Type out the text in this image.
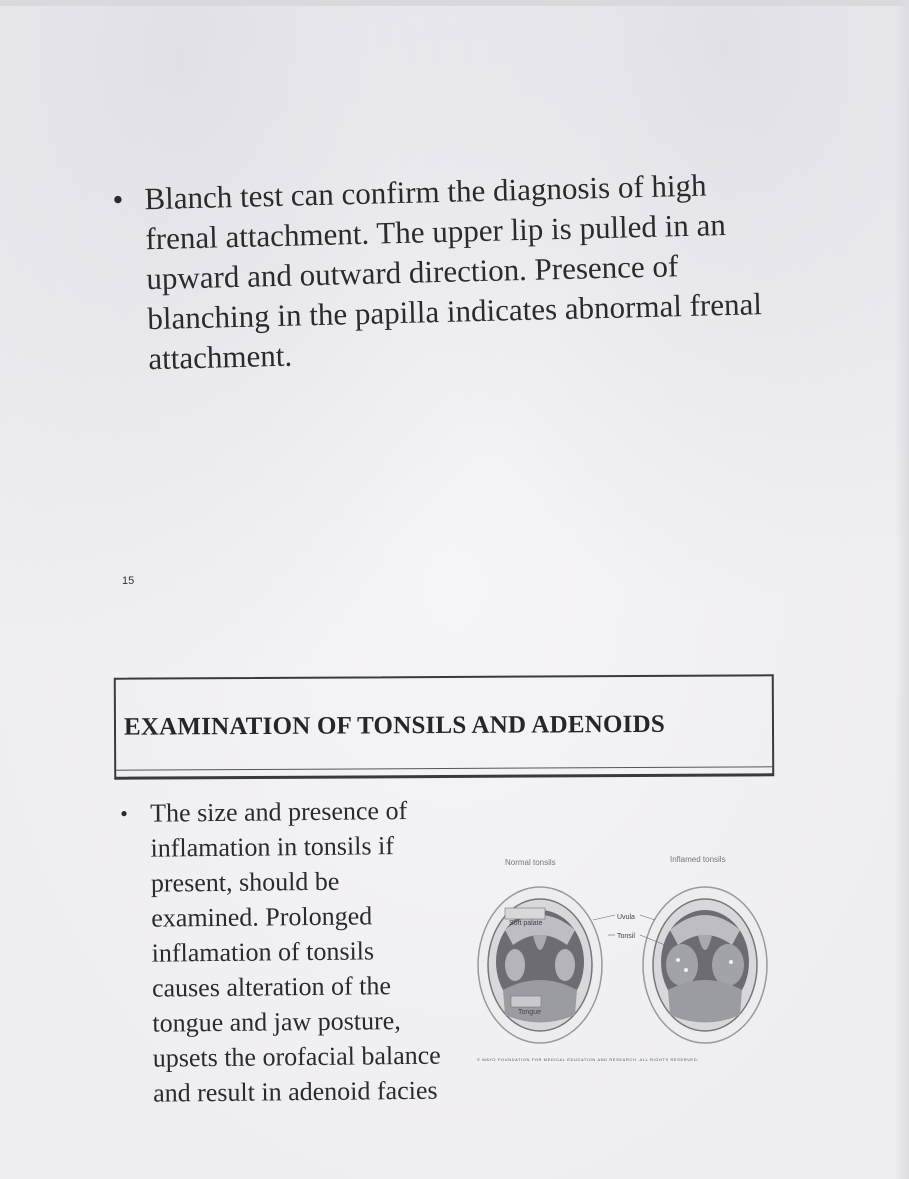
• Blanch test can confirm the diagnosis of high frenal attachment. The upper lip is pulled in an upward and outward direction. Presence of blanching in the papilla indicates abnormal frenal attachment.
15
EXAMINATION OF TONSILS AND ADENOIDS
• The size and presence of inflamation in tonsils if present, should be examined. Prolonged inflamation of tonsils causes alteration of the tongue and jaw posture, upsets the orofacial balance and result in adenoid facies
Normal tonsils	Inflamed tonsils
Soft palate
Tongue
Uvula
Tonsil
© MAYO FOUNDATION FOR MEDICAL EDUCATION AND RESEARCH. ALL RIGHTS RESERVED.
